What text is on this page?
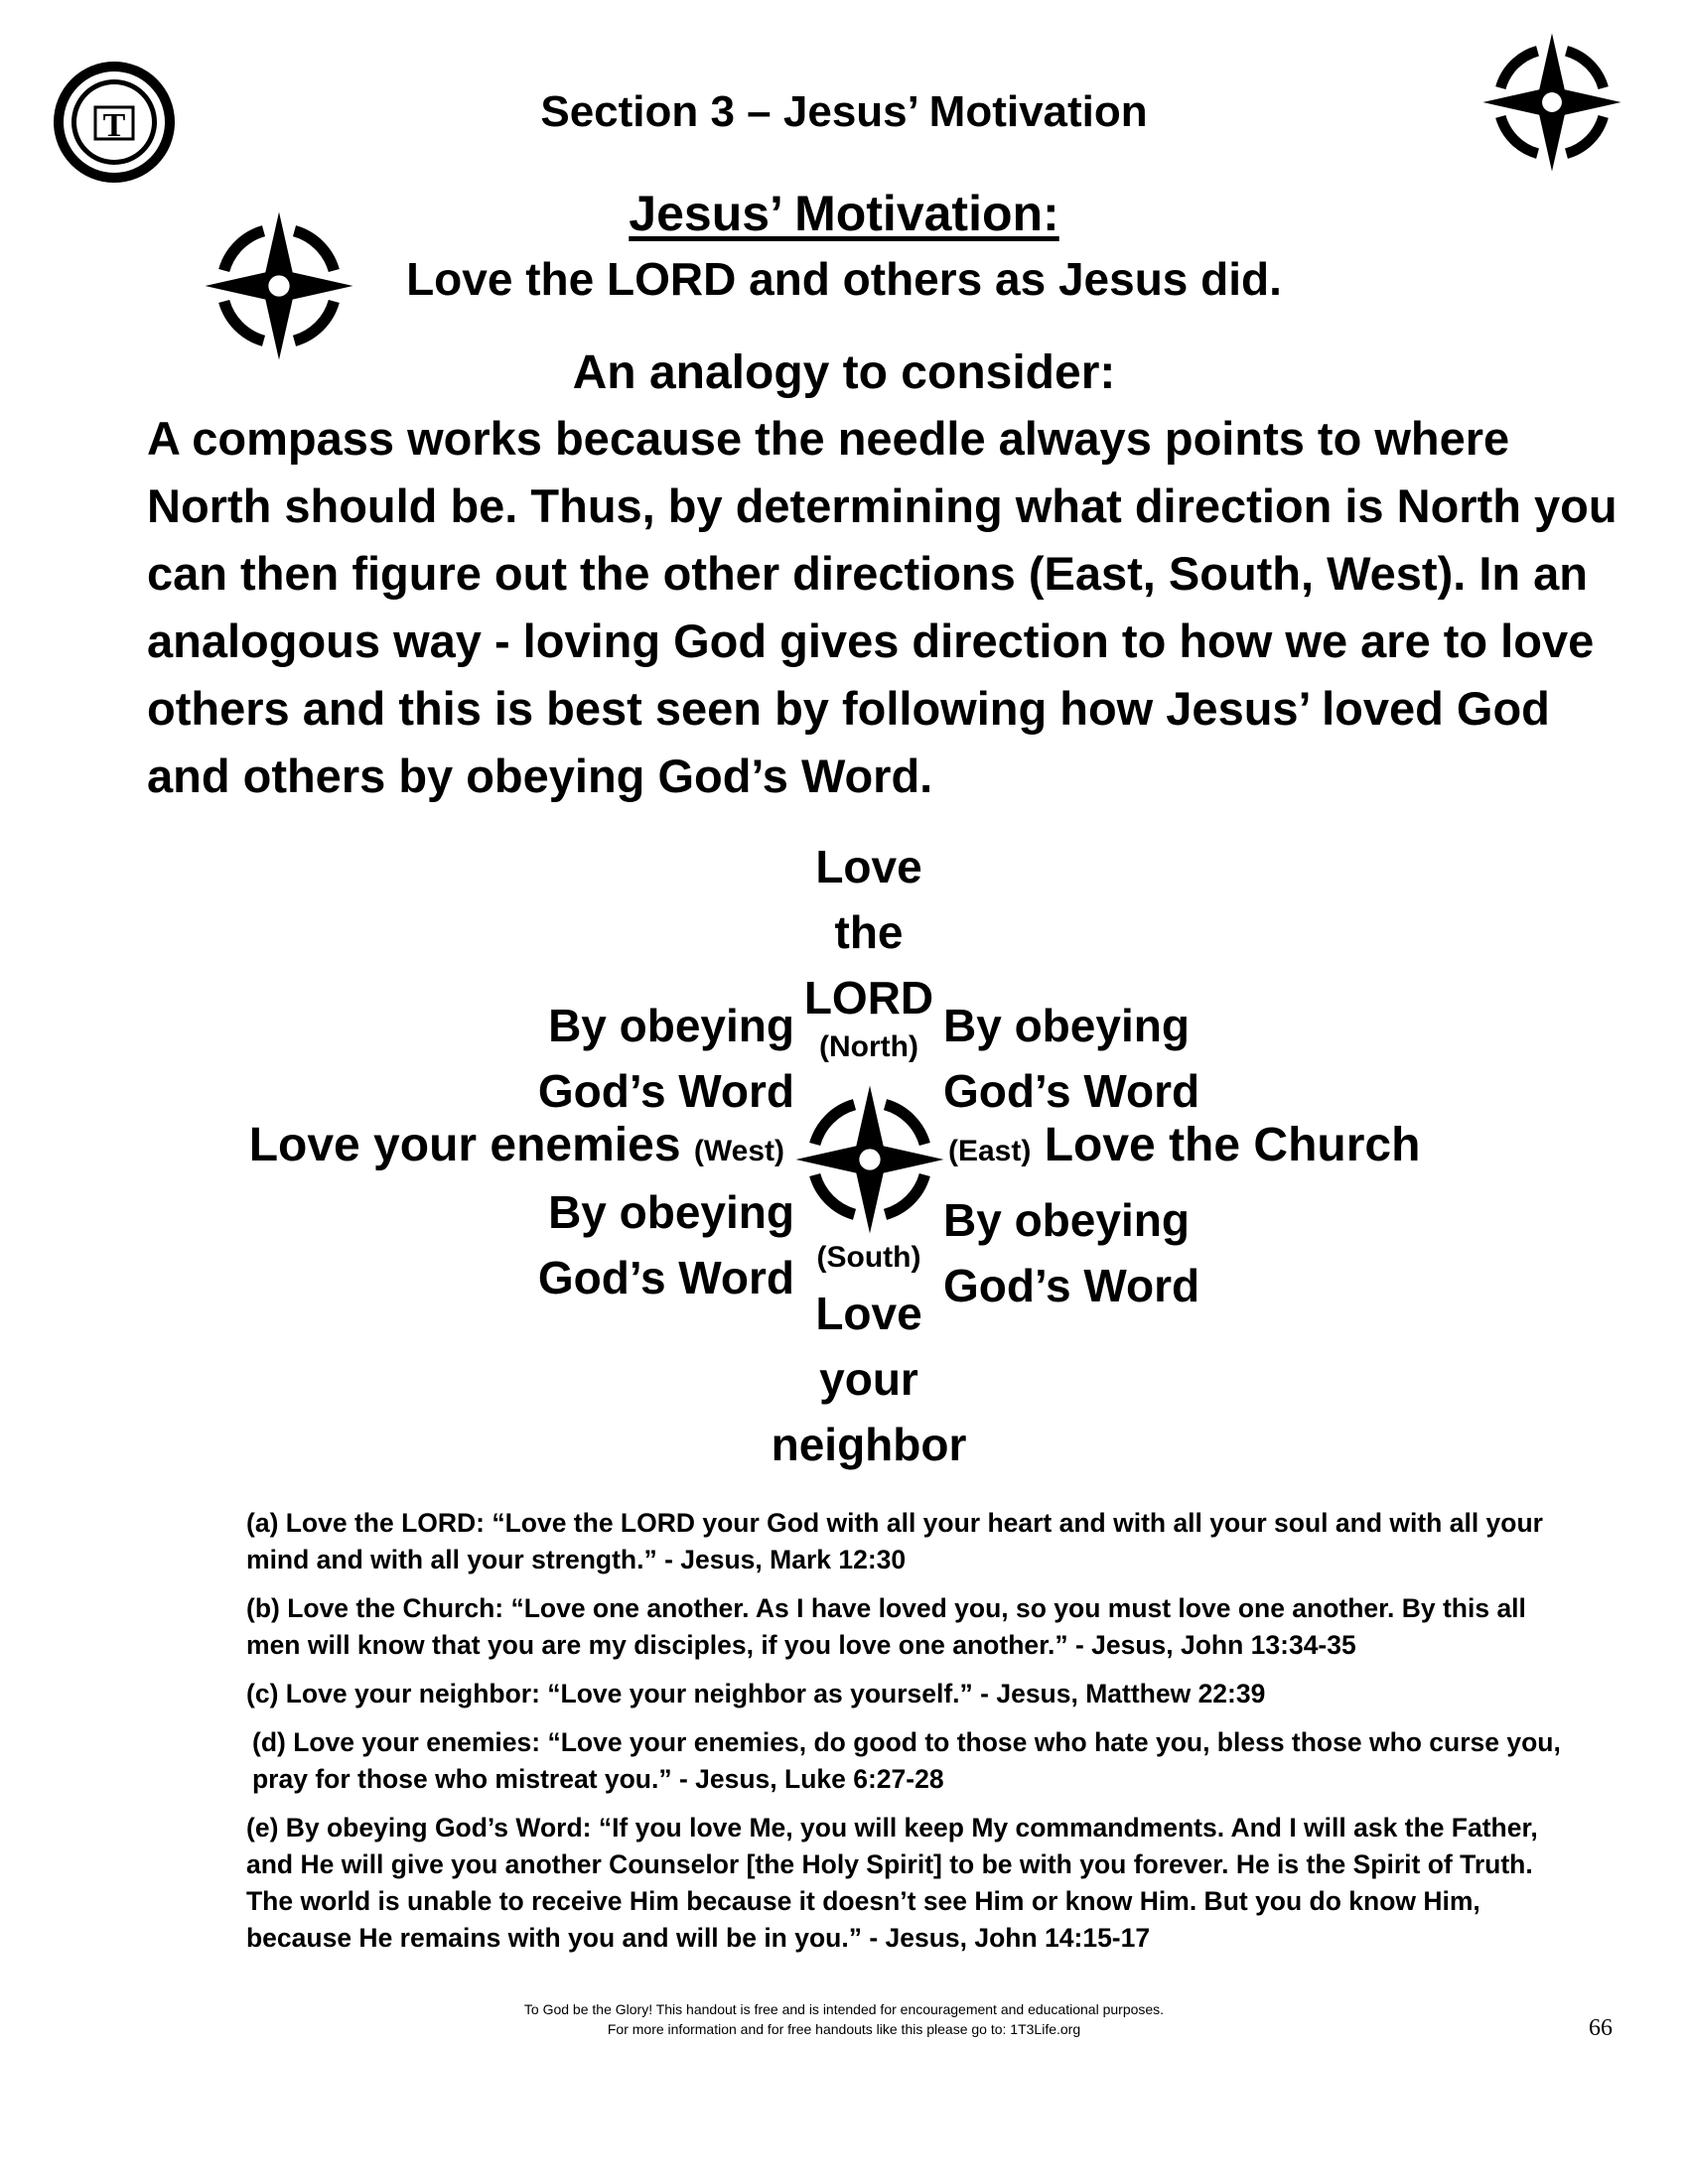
T	Section 3 – Jesus’ Motivation
Jesus’ Motivation:
Love the LORD and others as Jesus did.
An analogy to consider:
A compass works because the needle always points to where North should be. Thus, by determining what direction is North you can then figure out the other directions (East, South, West). In an analogous way - loving God gives direction to how we are to love others and this is best seen by following how Jesus’ loved God and others by obeying God’s Word.
Love
the
LORD
(North)
By obeying
God’s Word
By obeying
God’s Word
Love your enemies (West)	(East) Love the Church
By obeying
God’s Word
By obeying
God’s Word
(South)
Love
your
neighbor

(a) Love the LORD: “Love the LORD your God with all your heart and with all your soul and with all your mind and with all your strength.” - Jesus, Mark 12:30

(b) Love the Church: “Love one another. As I have loved you, so you must love one another. By this all men will know that you are my disciples, if you love one another.” - Jesus, John 13:34-35

(c) Love your neighbor: “Love your neighbor as yourself.” - Jesus, Matthew 22:39

(d) Love your enemies: “Love your enemies, do good to those who hate you, bless those who curse you, pray for those who mistreat you.” - Jesus, Luke 6:27-28

(e) By obeying God’s Word: “If you love Me, you will keep My commandments. And I will ask the Father, and He will give you another Counselor [the Holy Spirit] to be with you forever. He is the Spirit of Truth. The world is unable to receive Him because it doesn’t see Him or know Him. But you do know Him, because He remains with you and will be in you.” - Jesus, John 14:15-17

To God be the Glory! This handout is free and is intended for encouragement and educational purposes.
For more information and for free handouts like this please go to: 1T3Life.org	66
